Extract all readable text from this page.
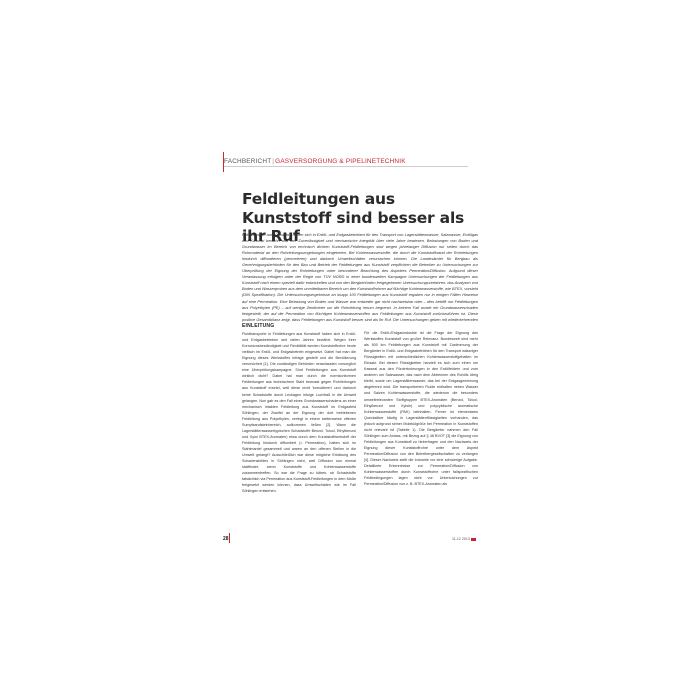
FACHBERICHT|GASVERSORGUNG & PIPELINETECHNIK
Feldleitungen aus Kunststoff sind besser als ihr Ruf

Feldleitungen aus Kunststoff haben sich in Erdöl- und Erdgasbetrieben für den Transport von Lagerstättenwasser, Salzwasser, Erdölgas und Kasseal bewährt und ihre Zuverlässigkeit und mechanische Integrität über viele Jahre bewiesen. Belastungen von Boden und Grundwasser im Bereich von technisch dichten Kunststoff-Feldleitungen sind wegen jahrelanger Diffusion nur selten durch das Rohrmaterial an den Rohrleitungsumgebungen eingetreten. Bei Kohlenwasserstoffe, die durch die Kunststoffwand der Rohrleitungen hindurch diffundieren (permeieren) und dadurch Umweltschäden verursachen können. Die Landesämter für Bergbau als Genehmigungsbehörden für den Bau und Betrieb der Feldleitungen aus Kunststoff verpflichten die Betreiber zu Untersuchungen zur Überprüfung der Eignung der Rohrleitungen unter besonderer Beachtung des Aspektes Permeation/Diffusion. Aufgrund dieser Veranlassung erfolgten unter der Regie von TÜV NORD in einer bundesweiten Kampagne Untersuchungen der Feldleitungen aus Kunststoff nach einem speziell dafür entwickelten und von den Bergbehörden freigegebenen Untersuchungsverfahren, das Analysen von Boden und Wasserproben aus dem unmittelbaren Bereich um den Kunststoffrohren auf flüchtige Kohlenwasserstoffe, wie BTEX, vorsieht (DIN Spezifikation). Die Untersuchungsergebnisse an knapp 100 Feldleitungen aus Kunststoff ergaben nur in einigen Fällen Hinweise auf eine Permeation. Eine Belastung von Boden und Wasser war entweder gar nicht nachweisbar oder – dies betrifft nur Feldleitungen aus Polyethylen (PE) – auf wenige Zentimeter um die Rohrleitung herum begrenzt. In keinem Fall wurde ein Grundwasserschaden festgestellt, der auf die Permeation von flüchtigen Kohlenwasserstoffen aus Feldleitungen aus Kunststoff zurückzuführen ist. Diese positive Gesamtbilanz zeigt, dass Feldleitungen aus Kunststoff besser sind als ihr Ruf. Die Untersuchungen geben mit wiederkehrenden

EINLEITUNG

Fluidtransporte in Feldleitungen aus Kunststoff haben sich in Erdöl- und Erdgasbetrieben seit vielen Jahren bewährt. Wegen ihrer Korrosionsbeständigkeit und Flexibilität werden Kunststoffrohre heute vielfach im Erdöl- und Erdgasbetrieb eingesetzt. Dabei hat man die Eignung dieses Werkstoffes infrage gestellt und die Bevölkerung verunsichert [1]. Die zuständigen Behörden veranlassten vorsorglich eine Überprüfungskampagne. Sind Feldleitungen aus Kunststoff wirklich dicht? Dabei hat man durch die normkonformen Feldleitungen aus technischem Stahl bewusst gegen Rohrleitungen aus Kunststoff ersetzt, weil diese nicht 'korrodieren' und dadurch keine Schadstoffe durch Leckagen infolge Lochfraß in die Umwelt gelangen. Nun gab es den Fall eines Grundwasserschadens an einer mechanisch intakten Feldleitung aus Kunststoff im Erdgasfeld Söhlingen, der Zweifel an der Eignung der dort betriebenen Feldleitung aus Polyethylen, verlegt in einem stellenweise offenen Sumpfsandsteinbereich, aufkommen ließen [2]. Wann die Lagerstättenwassertypischen Schadstoffe Benzol, Toluol, Ethylbenzol und Xylol BTEX-Aromaten) etwa durch dem Kunststoffwerkstoff der Feldleitung hindurch diffundiert (= Permeation), hatten sich im Stahlmantel gesammelt und waren an den offenen Stellen in die Umwelt gelangt? Ausschließlich war diese mögliche Erklärung des Schadensbildes in Söhlingen nicht, weil Diffusion nun einmal stattfindet, wenn Kunststoffe und Kohlenwasserstoffe zusammentreffen. So war die Frage zu klären, ob Schadstoffe tatsächlich via Permeation aus Kunststoff-Feldleitungen in dem Maße freigesetzt werden können, dass Umweltschäden wie im Fall Söhlingen entstehen.

Für die Erdöl-/Erdgasindustrie ist die Frage der Eignung des Werkstoffes Kunststoff von großer Relevanz. Bundesweit sind mehr als 500 km Feldleitungen aus Kunststoff mit Zustimmung der Bergämter in Erdöl- und Erdgasbetrieben für den Transport wässriger Flüssigkeiten mit unterschiedlichen Kohlenwasserstoffgehalten im Einsatz. Bei diesen Flüssigkeiten handelt es sich zum einen um Kasseal aus den Förderbohrungen in den Erdölfeldern und zum anderen um Salzwasser, das nach dem Abtrennen des Rohöls übrig bleibt, sowie um Lagerstättenwasser, das bei der Erdgasgewinnung abgetrennt wird. Die transportierten Fluide enthalten neben Wasser und Salzen Kohlenwasserstoffe, die wiederum die besonders umweltrelevanten Stoffgruppen BTEX-Aromaten (Benzol, Toluol, Ethylbenzol und Xylole) und polyzyklische aromatische Kohlenwasserstoffe (PAK) beinhalten. Ferner ist elementares Quecksilber häufig in Lagerstättenflüssigkeiten vorhanden, das jedoch aufgrund seiner Molekülgröße bei Permeation in Kunststoffen nicht relevant ist (Tabelle 1). Die Bergämter nahmen den Fall Söhlingen zum Anlass, mit Bezug auf § 48 BVOT [3] die Eignung von Feldleitungen aus Kunststoff zu hinterfragen und den Nachweis der Eignung dieser Kunststoffrohre unter dem Aspekt Permeation/Diffusion von den Betreibergesellschaften zu verlangen [4]. Dieser Nachweis stellt die Industrie vor eine schwierige Aufgabe. Detaillierte Erkenntnisse zur Permeation/Diffusion von Kohlenwasserstoffen durch Kunststoffrohre unter fallspezifischen Feldbedingungen lagen nicht vor. Untersuchungen zur Permeation/Diffusion von z. B. BTEX-Aromaten als

28	11-12 2013
